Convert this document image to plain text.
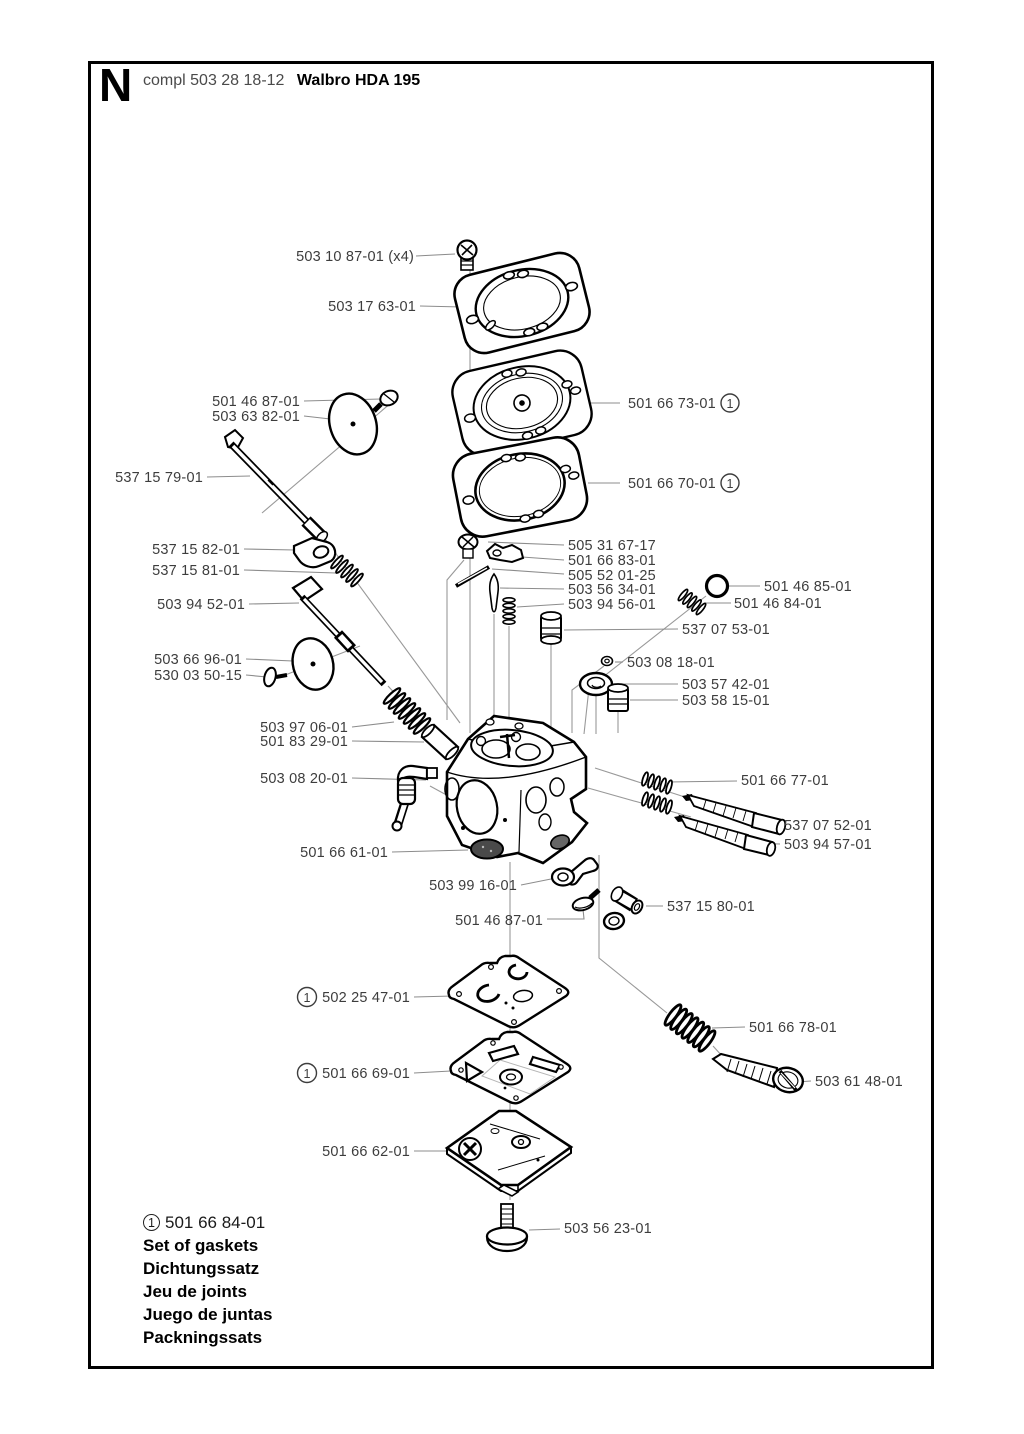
N compl 503 28 18-12 Walbro HDA 195
503 10 87-01 (x4)
503 17 63-01
501 46 87-01
503 63 82-01
501 66 73-01 1
501 66 70-01 1
537 15 79-01
537 15 82-01
537 15 81-01
503 94 52-01
505 31 67-17
501 66 83-01
505 52 01-25
503 56 34-01
503 94 56-01
501 46 85-01
501 46 84-01
537 07 53-01
503 08 18-01
503 57 42-01
503 58 15-01
503 66 96-01
530 03 50-15
503 97 06-01
501 83 29-01
503 08 20-01	501 66 77-01
537 07 52-01
503 94 57-01
501 66 61-01
503 99 16-01
501 46 87-01
537 15 80-01
1 502 25 47-01
1 501 66 69-01
501 66 62-01
503 56 23-01
501 66 78-01
503 61 48-01
1 501 66 84-01
Set of gaskets
Dichtungssatz
Jeu de joints
Juego de juntas
Packningssats
